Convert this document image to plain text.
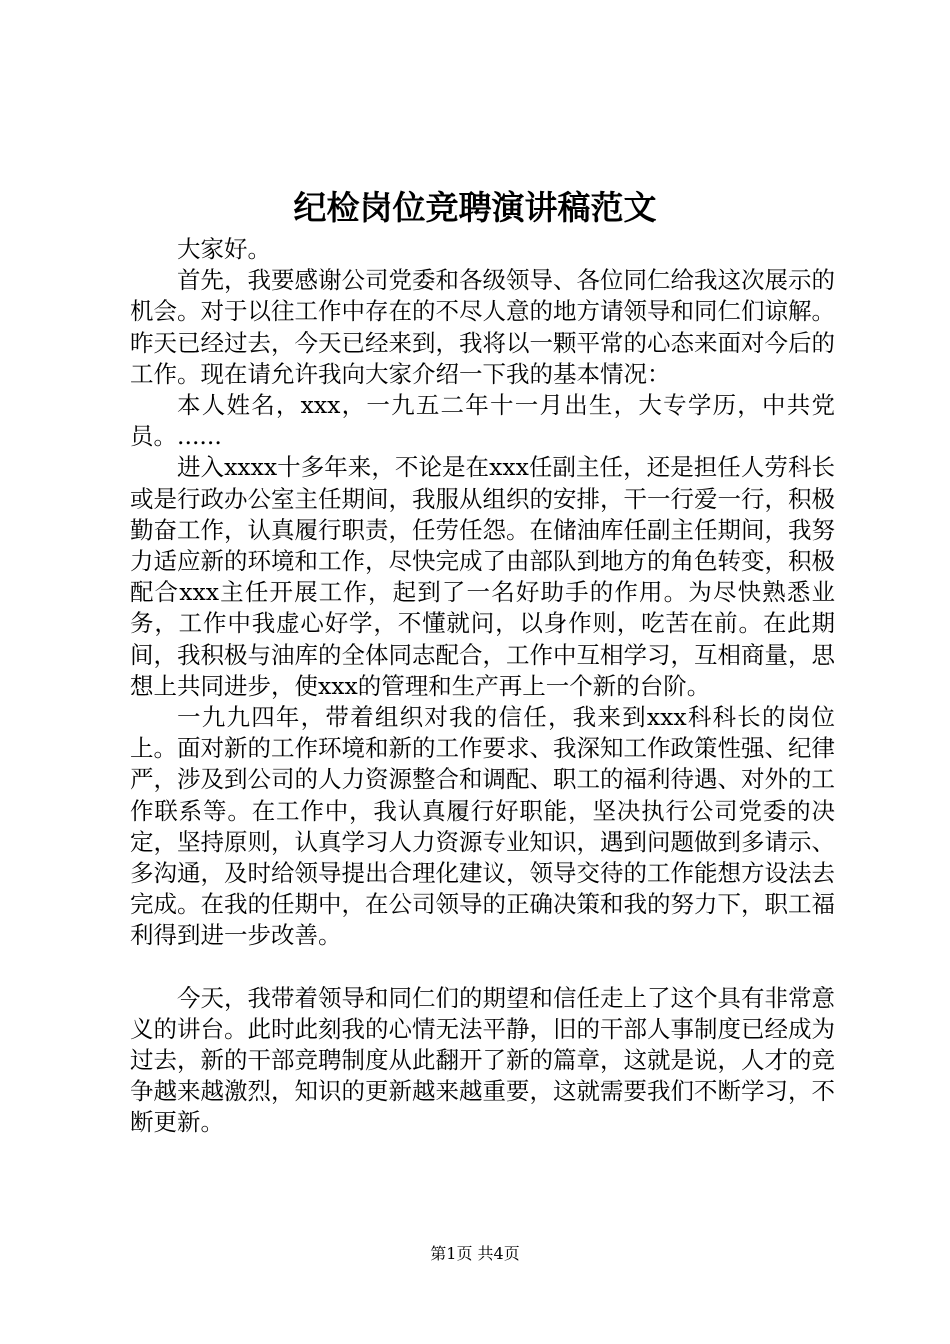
纪检岗位竞聘演讲稿范文

大家好。

首先，我要感谢公司党委和各级领导、各位同仁给我这次展示的机会。对于以往工作中存在的不尽人意的地方请领导和同仁们谅解。昨天已经过去，今天已经来到，我将以一颗平常的心态来面对今后的工作。现在请允许我向大家介绍一下我的基本情况：

本人姓名，xxx，一九五二年十一月出生，大专学历，中共党员。......

进入xxxx十多年来，不论是在xxx任副主任，还是担任人劳科长或是行政办公室主任期间，我服从组织的安排，干一行爱一行，积极勤奋工作，认真履行职责，任劳任怨。在储油库任副主任期间，我努力适应新的环境和工作，尽快完成了由部队到地方的角色转变，积极配合xxx主任开展工作，起到了一名好助手的作用。为尽快熟悉业务，工作中我虚心好学，不懂就问，以身作则，吃苦在前。在此期间，我积极与油库的全体同志配合，工作中互相学习，互相商量，思想上共同进步，使xxx的管理和生产再上一个新的台阶。

一九九四年，带着组织对我的信任，我来到xxx科科长的岗位上。面对新的工作环境和新的工作要求、我深知工作政策性强、纪律严，涉及到公司的人力资源整合和调配、职工的福利待遇、对外的工作联系等。在工作中，我认真履行好职能，坚决执行公司党委的决定，坚持原则，认真学习人力资源专业知识，遇到问题做到多请示、多沟通，及时给领导提出合理化建议，领导交待的工作能想方设法去完成。在我的任期中，在公司领导的正确决策和我的努力下，职工福利得到进一步改善。

今天，我带着领导和同仁们的期望和信任走上了这个具有非常意义的讲台。此时此刻我的心情无法平静，旧的干部人事制度已经成为过去，新的干部竞聘制度从此翻开了新的篇章，这就是说，人才的竞争越来越激烈，知识的更新越来越重要，这就需要我们不断学习，不断更新。

第1页 共4页
